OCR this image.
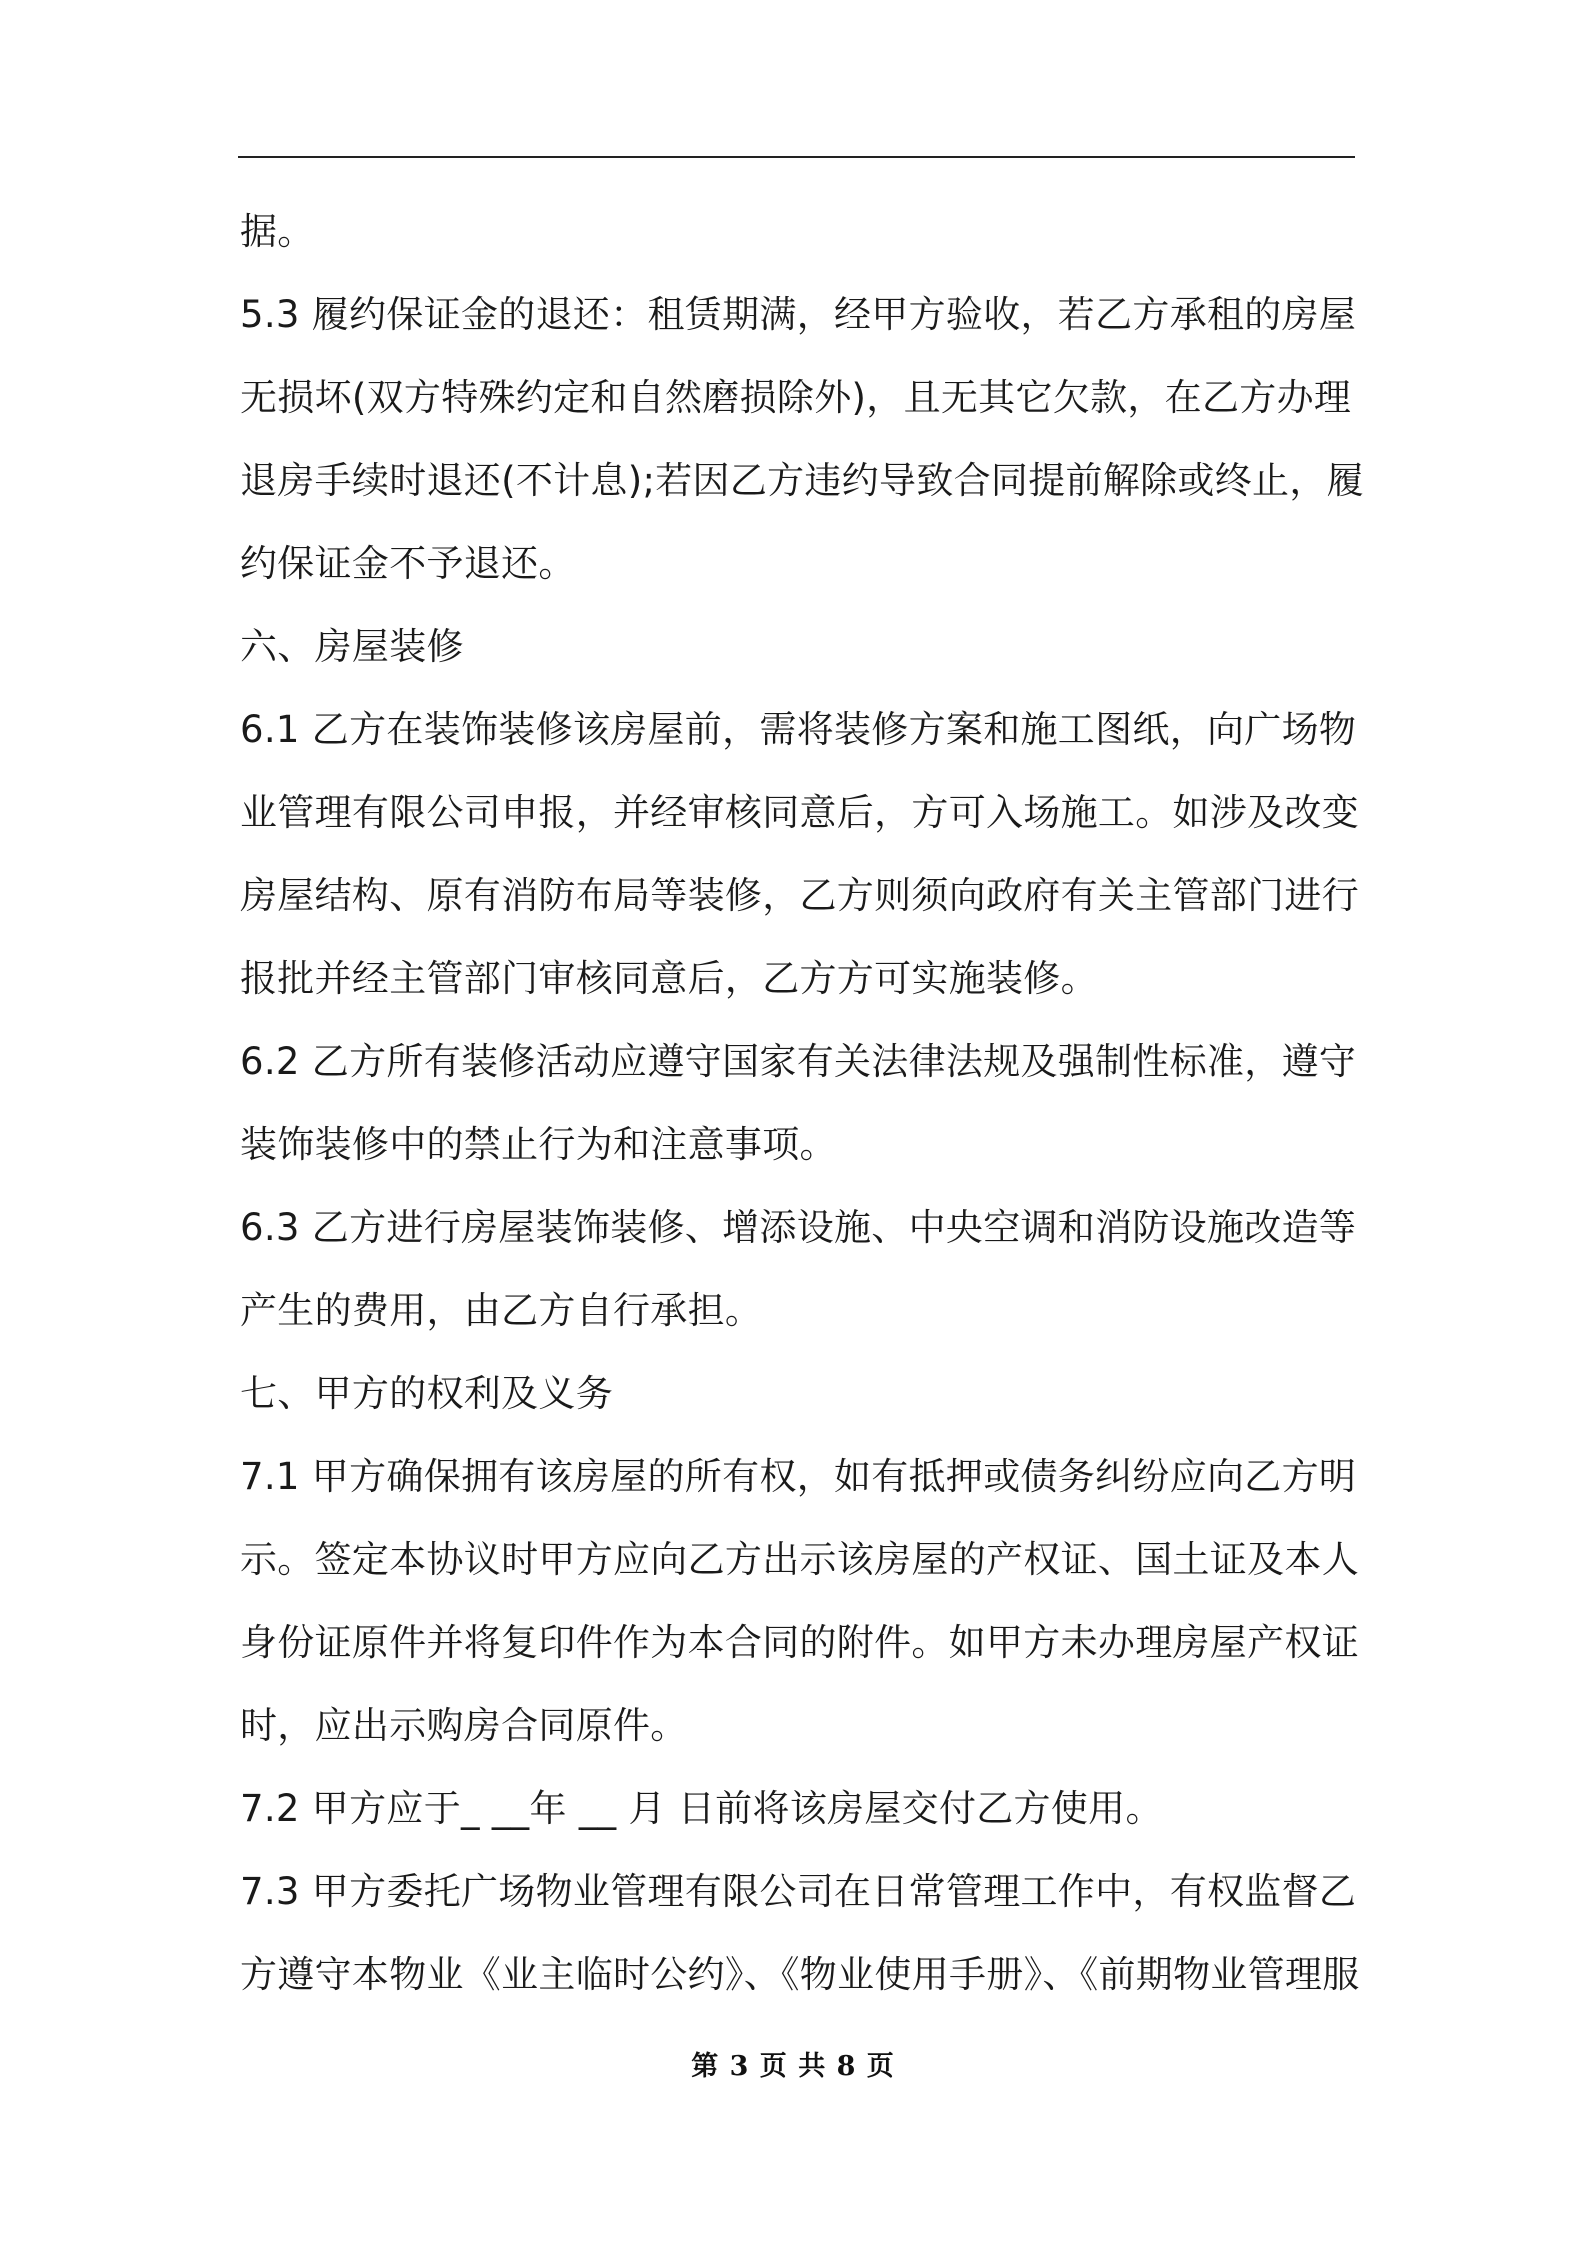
据。
5.3 履约保证金的退还：租赁期满，经甲方验收，若乙方承租的房屋
无损坏(双方特殊约定和自然磨损除外)，且无其它欠款，在乙方办理
退房手续时退还(不计息);若因乙方违约导致合同提前解除或终止，履
约保证金不予退还。
六、房屋装修
6.1 乙方在装饰装修该房屋前，需将装修方案和施工图纸，向广场物
业管理有限公司申报，并经审核同意后，方可入场施工。如涉及改变
房屋结构、原有消防布局等装修，乙方则须向政府有关主管部门进行
报批并经主管部门审核同意后，乙方方可实施装修。
6.2 乙方所有装修活动应遵守国家有关法律法规及强制性标准，遵守
装饰装修中的禁止行为和注意事项。
6.3 乙方进行房屋装饰装修、增添设施、中央空调和消防设施改造等
产生的费用，由乙方自行承担。
七、甲方的权利及义务
7.1 甲方确保拥有该房屋的所有权，如有抵押或债务纠纷应向乙方明
示。签定本协议时甲方应向乙方出示该房屋的产权证、国土证及本人
身份证原件并将复印件作为本合同的附件。如甲方未办理房屋产权证
时，应出示购房合同原件。
7.2 甲方应于_ __年 __ 月 日前将该房屋交付乙方使用。
7.3 甲方委托广场物业管理有限公司在日常管理工作中，有权监督乙
方遵守本物业《业主临时公约》、《物业使用手册》、《前期物业管理服
第 3 页 共 8 页
